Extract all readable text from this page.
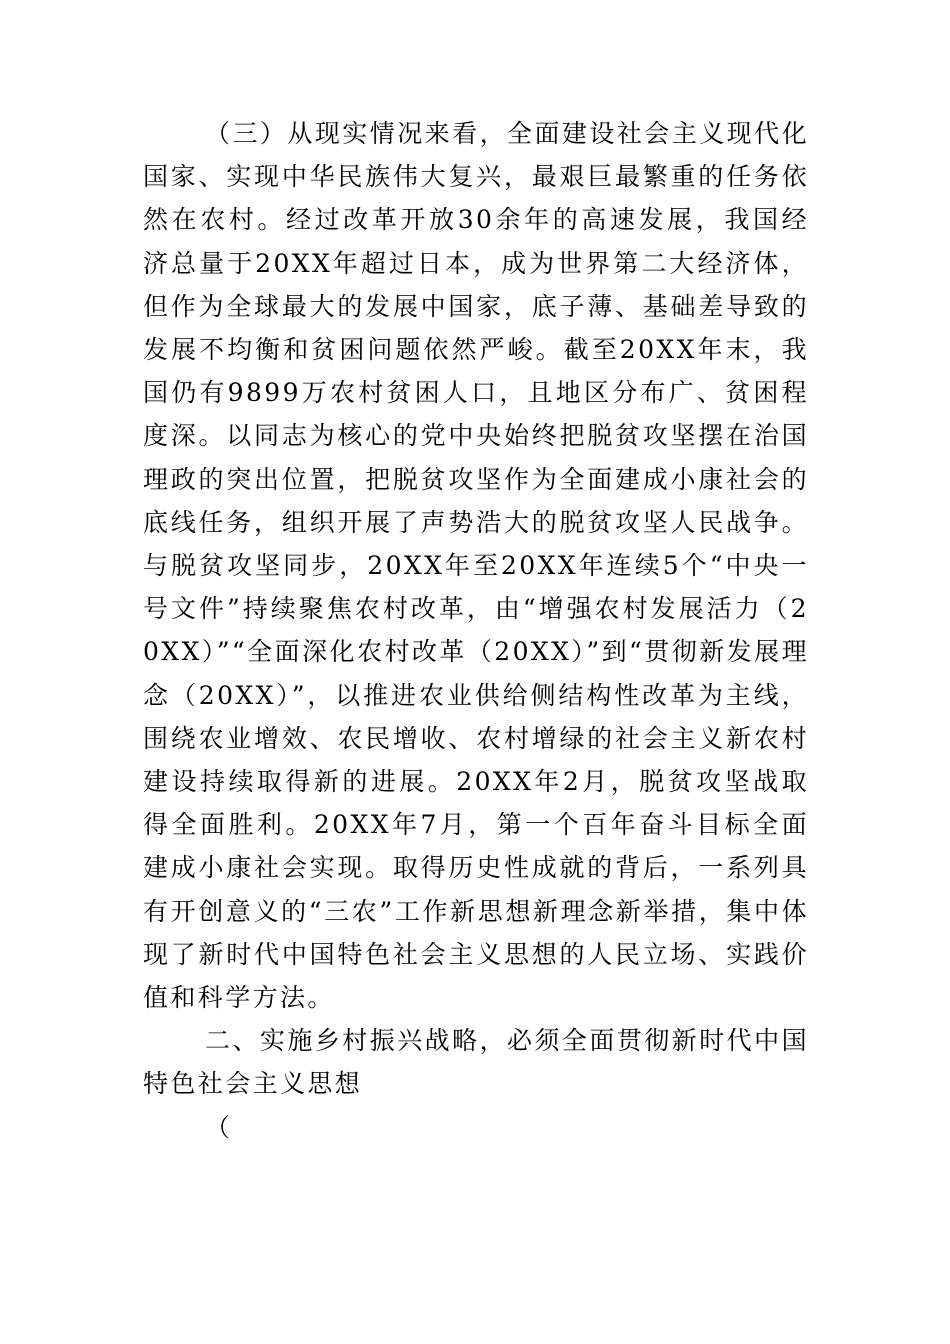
（三）从现实情况来看，全面建设社会主义现代化国家、实现中华民族伟大复兴，最艰巨最繁重的任务依然在农村。经过改革开放30余年的高速发展，我国经济总量于20XX年超过日本，成为世界第二大经济体，但作为全球最大的发展中国家，底子薄、基础差导致的发展不均衡和贫困问题依然严峻。截至20XX年末，我国仍有9899万农村贫困人口，且地区分布广、贫困程度深。以同志为核心的党中央始终把脱贫攻坚摆在治国理政的突出位置，把脱贫攻坚作为全面建成小康社会的底线任务，组织开展了声势浩大的脱贫攻坚人民战争。与脱贫攻坚同步，20XX年至20XX年连续5个“中央一号文件”持续聚焦农村改革，由“增强农村发展活力（20XX）”“全面深化农村改革（20XX）”到“贯彻新发展理念（20XX）”，以推进农业供给侧结构性改革为主线，围绕农业增效、农民增收、农村增绿的社会主义新农村建设持续取得新的进展。20XX年2月，脱贫攻坚战取得全面胜利。20XX年7月，第一个百年奋斗目标全面建成小康社会实现。取得历史性成就的背后，一系列具有开创意义的“三农”工作新思想新理念新举措，集中体现了新时代中国特色社会主义思想的人民立场、实践价值和科学方法。

二、实施乡村振兴战略，必须全面贯彻新时代中国特色社会主义思想

（
